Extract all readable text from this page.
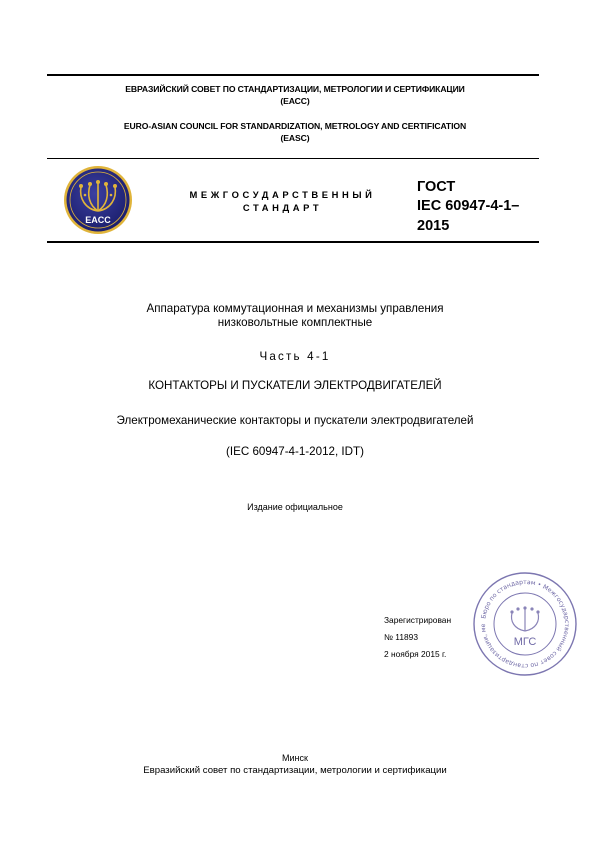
ЕВРАЗИЙСКИЙ СОВЕТ ПО СТАНДАРТИЗАЦИИ, МЕТРОЛОГИИ И СЕРТИФИКАЦИИ
(ЕАСС)
EURO-ASIAN COUNCIL FOR STANDARDIZATION, METROLOGY AND CERTIFICATION
(EASC)
EACC
МЕЖГОСУДАРСТВЕННЫЙ
СТАНДАРТ
ГОСТ
IEC 60947-4-1–
2015
Аппаратура коммутационная и механизмы управления
низковольтные комплектные
Часть 4-1
КОНТАКТОРЫ И ПУСКАТЕЛИ ЭЛЕКТРОДВИГАТЕЛЕЙ
Электромеханические контакторы и пускатели электродвигателей
(IEC 60947-4-1-2012, IDT)
Издание официальное
Зарегистрирован
№ 11893
2 ноября 2015 г.
Бюро по стандартам • Межгосударственный совет по стандартизации, ме
МГС
Минск
Евразийский совет по стандартизации, метрологии и сертификации
